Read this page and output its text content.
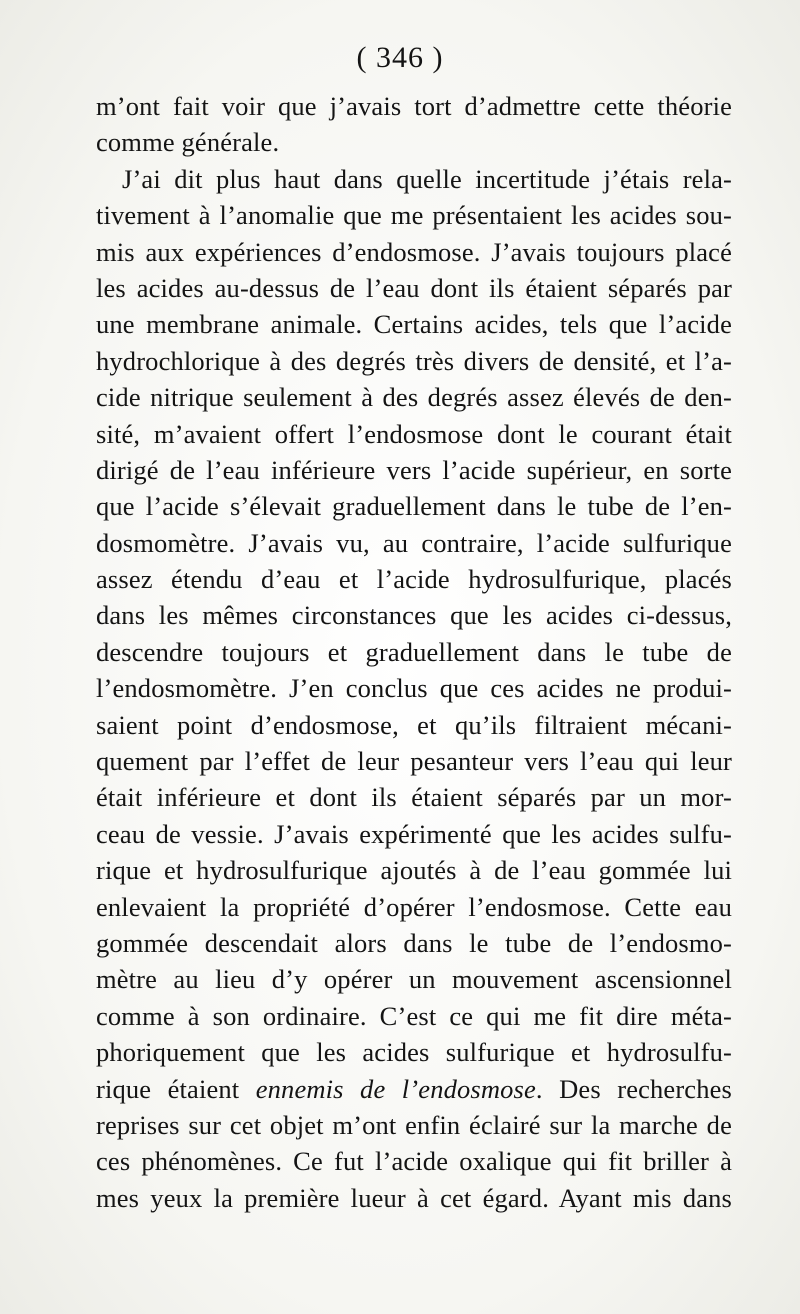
( 346 )
m’ont fait voir que j’avais tort d’admettre cette théorie
comme générale.
J’ai dit plus haut dans quelle incertitude j’étais rela-
tivement à l’anomalie que me présentaient les acides sou-
mis aux expériences d’endosmose. J’avais toujours placé
les acides au-dessus de l’eau dont ils étaient séparés par
une membrane animale. Certains acides, tels que l’acide
hydrochlorique à des degrés très divers de densité, et l’a-
cide nitrique seulement à des degrés assez élevés de den-
sité, m’avaient offert l’endosmose dont le courant était
dirigé de l’eau inférieure vers l’acide supérieur, en sorte
que l’acide s’élevait graduellement dans le tube de l’en-
dosmomètre. J’avais vu, au contraire, l’acide sulfurique
assez étendu d’eau et l’acide hydrosulfurique, placés
dans les mêmes circonstances que les acides ci-dessus,
descendre toujours et graduellement dans le tube de
l’endosmomètre. J’en conclus que ces acides ne produi-
saient point d’endosmose, et qu’ils filtraient mécani-
quement par l’effet de leur pesanteur vers l’eau qui leur
était inférieure et dont ils étaient séparés par un mor-
ceau de vessie. J’avais expérimenté que les acides sulfu-
rique et hydrosulfurique ajoutés à de l’eau gommée lui
enlevaient la propriété d’opérer l’endosmose. Cette eau
gommée descendait alors dans le tube de l’endosmo-
mètre au lieu d’y opérer un mouvement ascensionnel
comme à son ordinaire. C’est ce qui me fit dire méta-
phoriquement que les acides sulfurique et hydrosulfu-
rique étaient ennemis de l’endosmose. Des recherches
reprises sur cet objet m’ont enfin éclairé sur la marche de
ces phénomènes. Ce fut l’acide oxalique qui fit briller à
mes yeux la première lueur à cet égard. Ayant mis dans
